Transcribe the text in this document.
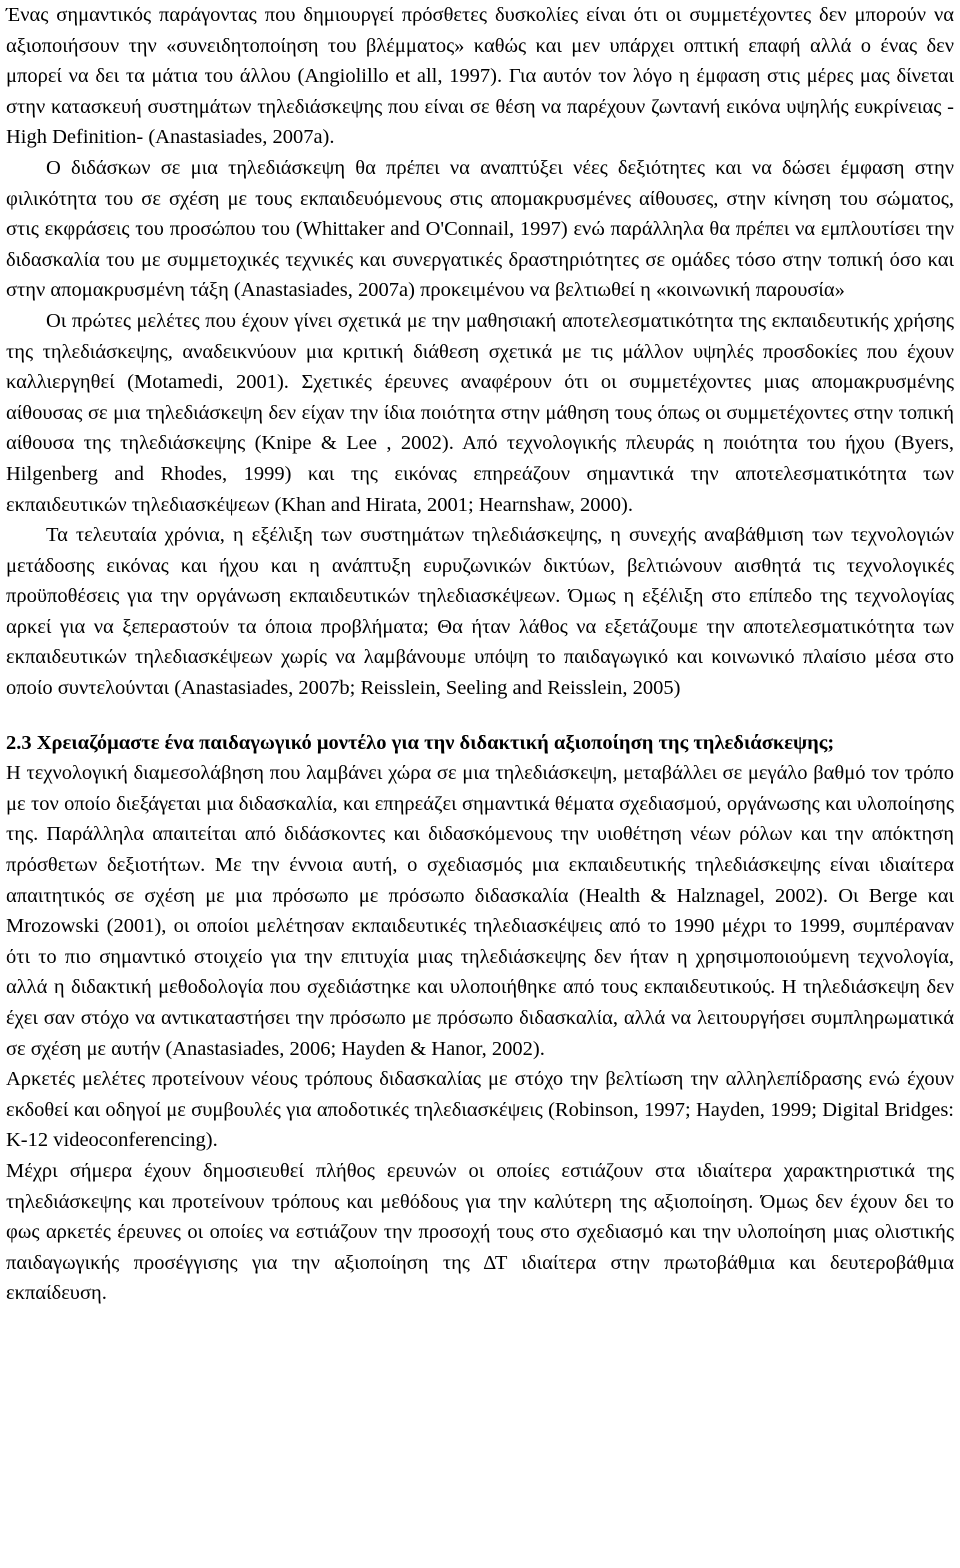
Ένας σημαντικός παράγοντας που δημιουργεί πρόσθετες δυσκολίες είναι ότι οι συμμετέχοντες δεν μπορούν να αξιοποιήσουν την «συνειδητοποίηση του βλέμματος» καθώς και μεν υπάρχει οπτική επαφή αλλά ο ένας δεν μπορεί να δει τα μάτια του άλλου (Angiolillo et all, 1997). Για αυτόν τον λόγο η έμφαση στις μέρες μας δίνεται στην κατασκευή συστημάτων τηλεδιάσκεψης που είναι σε θέση να παρέχουν ζωντανή εικόνα υψηλής ευκρίνειας -High Definition- (Anastasiades, 2007a).

Ο διδάσκων σε μια τηλεδιάσκεψη θα πρέπει να αναπτύξει νέες δεξιότητες και να δώσει έμφαση στην φιλικότητα του σε σχέση με τους εκπαιδευόμενους στις απομακρυσμένες αίθουσες, στην κίνηση του σώματος, στις εκφράσεις του προσώπου του (Whittaker and O'Connail, 1997) ενώ παράλληλα θα πρέπει να εμπλουτίσει την διδασκαλία του με συμμετοχικές τεχνικές και συνεργατικές δραστηριότητες σε ομάδες τόσο στην τοπική όσο και στην απομακρυσμένη τάξη (Anastasiades, 2007a) προκειμένου να βελτιωθεί η «κοινωνική παρουσία»

Οι πρώτες μελέτες που έχουν γίνει σχετικά με την μαθησιακή αποτελεσματικότητα της εκπαιδευτικής χρήσης της τηλεδιάσκεψης, αναδεικνύουν μια κριτική διάθεση σχετικά με τις μάλλον υψηλές προσδοκίες που έχουν καλλιεργηθεί (Motamedi, 2001). Σχετικές έρευνες αναφέρουν ότι οι συμμετέχοντες μιας απομακρυσμένης αίθουσας σε μια τηλεδιάσκεψη δεν είχαν την ίδια ποιότητα στην μάθηση τους όπως οι συμμετέχοντες στην τοπική αίθουσα της τηλεδιάσκεψης (Knipe & Lee , 2002). Από τεχνολογικής πλευράς η ποιότητα του ήχου (Byers, Hilgenberg and Rhodes, 1999) και της εικόνας επηρεάζουν σημαντικά την αποτελεσματικότητα των εκπαιδευτικών τηλεδιασκέψεων (Khan and Hirata, 2001; Hearnshaw, 2000).

Τα τελευταία χρόνια, η εξέλιξη των συστημάτων τηλεδιάσκεψης, η συνεχής αναβάθμιση των τεχνολογιών μετάδοσης εικόνας και ήχου και η ανάπτυξη ευρυζωνικών δικτύων, βελτιώνουν αισθητά τις τεχνολογικές προϋποθέσεις για την οργάνωση εκπαιδευτικών τηλεδιασκέψεων. Όμως η εξέλιξη στο επίπεδο της τεχνολογίας αρκεί για να ξεπεραστούν τα όποια προβλήματα; Θα ήταν λάθος να εξετάζουμε την αποτελεσματικότητα των εκπαιδευτικών τηλεδιασκέψεων χωρίς να λαμβάνουμε υπόψη το παιδαγωγικό και κοινωνικό πλαίσιο μέσα στο οποίο συντελούνται (Anastasiades, 2007b; Reisslein, Seeling and Reisslein, 2005)

2.3 Χρειαζόμαστε ένα παιδαγωγικό μοντέλο για την διδακτική αξιοποίηση της τηλεδιάσκεψης;

Η τεχνολογική διαμεσολάβηση που λαμβάνει χώρα σε μια τηλεδιάσκεψη, μεταβάλλει σε μεγάλο βαθμό τον τρόπο με τον οποίο διεξάγεται μια διδασκαλία, και επηρεάζει σημαντικά θέματα σχεδιασμού, οργάνωσης και υλοποίησης της. Παράλληλα απαιτείται από διδάσκοντες και διδασκόμενους την υιοθέτηση νέων ρόλων και την απόκτηση πρόσθετων δεξιοτήτων. Με την έννοια αυτή, ο σχεδιασμός μια εκπαιδευτικής τηλεδιάσκεψης είναι ιδιαίτερα απαιτητικός σε σχέση με μια πρόσωπο με πρόσωπο διδασκαλία (Health & Halznagel, 2002). Οι Berge και Mrozowski (2001), οι οποίοι μελέτησαν εκπαιδευτικές τηλεδιασκέψεις από το 1990 μέχρι το 1999, συμπέραναν ότι το πιο σημαντικό στοιχείο για την επιτυχία μιας τηλεδιάσκεψης δεν ήταν η χρησιμοποιούμενη τεχνολογία, αλλά η διδακτική μεθοδολογία που σχεδιάστηκε και υλοποιήθηκε από τους εκπαιδευτικούς. Η τηλεδιάσκεψη δεν έχει σαν στόχο να αντικαταστήσει την πρόσωπο με πρόσωπο διδασκαλία, αλλά να λειτουργήσει συμπληρωματικά σε σχέση με αυτήν (Anastasiades, 2006; Hayden & Hanor, 2002).

Αρκετές μελέτες προτείνουν νέους τρόπους διδασκαλίας με στόχο την βελτίωση την αλληλεπίδρασης ενώ έχουν εκδοθεί και οδηγοί με συμβουλές για αποδοτικές τηλεδιασκέψεις (Robinson, 1997; Hayden, 1999; Digital Bridges: K-12 videoconferencing).

Μέχρι σήμερα έχουν δημοσιευθεί πλήθος ερευνών οι οποίες εστιάζουν στα ιδιαίτερα χαρακτηριστικά της τηλεδιάσκεψης και προτείνουν τρόπους και μεθόδους για την καλύτερη της αξιοποίηση. Όμως δεν έχουν δει το φως αρκετές έρευνες οι οποίες να εστιάζουν την προσοχή τους στο σχεδιασμό και την υλοποίηση μιας ολιστικής παιδαγωγικής προσέγγισης για την αξιοποίηση της ΔΤ ιδιαίτερα στην πρωτοβάθμια και δευτεροβάθμια εκπαίδευση.
